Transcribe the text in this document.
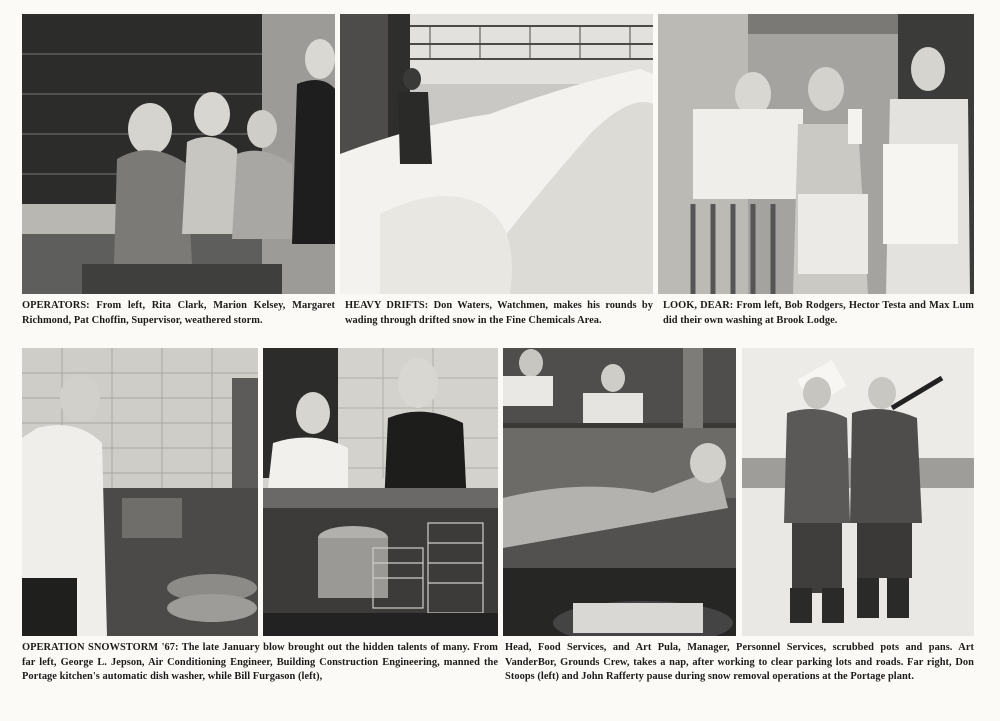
OPERATORS: From left, Rita Clark, Marion Kelsey, Margaret Richmond, Pat Choffin, Supervisor, weathered storm.
HEAVY DRIFTS: Don Waters, Watchmen, makes his rounds by wading through drifted snow in the Fine Chemicals Area.
LOOK, DEAR: From left, Bob Rodgers, Hector Testa and Max Lum did their own washing at Brook Lodge.
OPERATION SNOWSTORM '67: The late January blow brought out the hidden talents of many. From far left, George L. Jepson, Air Conditioning Engineer, Building Construction Engineering, manned the Portage kitchen's automatic dish washer, while Bill Furgason (left),
Head, Food Services, and Art Pula, Manager, Personnel Services, scrubbed pots and pans. Art VanderBor, Grounds Crew, takes a nap, after working to clear parking lots and roads. Far right, Don Stoops (left) and John Rafferty pause during snow removal operations at the Portage plant.
